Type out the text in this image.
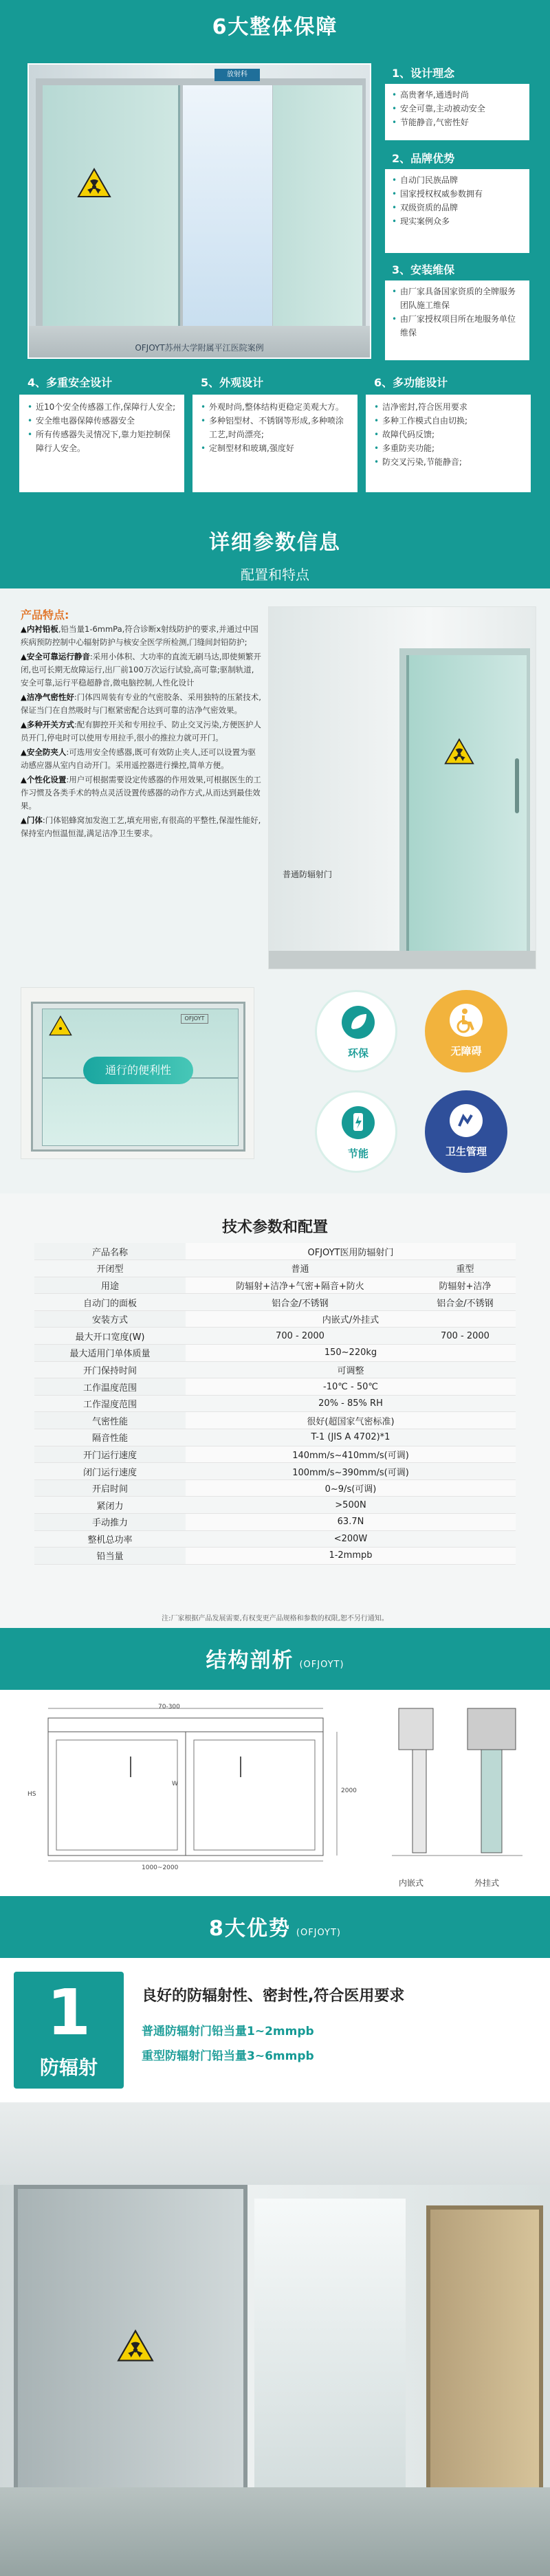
6大整体保障
放射科
OFJOYT苏州大学附属平江医院案例
1、设计理念
• 高贵奢华,通透时尚
• 安全可靠,主动被动安全
• 节能静音,气密性好
2、品牌优势
• 自动门民族品牌
• 国家授权权威参数拥有
• 双级资质的品牌
• 现实案例众多
3、安装维保
• 由厂家具备国家资质的全牌服务团队施工维保
• 由厂家授权项目所在地服务单位维保
4、多重安全设计
• 近10个安全传感器工作,保障行人安全;
• 安全维电器保障传感器安全
• 所有传感器失灵情况下,靠力矩控制保障行人安全。
5、外观设计
• 外观时尚,整体结构更稳定美观大方。
• 多种铝型材、不锈钢等形成,多种喷涂工艺,时尚漂亮;
• 定制型材和玻璃,强度好
6、多功能设计
• 洁净密封,符合医用要求
• 多种工作模式自由切换;
• 故障代码反馈;
• 多重防夹功能;
• 防交叉污染,节能静音;
详细参数信息
配置和特点
产品特点:

▲内衬铅板,铅当量1-6mmPa,符合诊断x射线防护的要求,并通过中国疾病预防控制中心辐射防护与核安全医学所检测,门缝间封铅防护;

▲安全可靠运行静音:采用小体积、大功率的直流无刷马达,即使频繁开闭,也可长期无故障运行,出厂前100万次运行试验,高可靠;驱制轨道,安全可靠,运行平稳超静音,微电脑控制,人性化设计

▲洁净气密性好:门体四周装有专业的气密胶条、采用独特的压紧技术,保证当门在自然吸时与门框紧密配合达到可靠的洁净气密效果。

▲多种开关方式:配有脚控开关和专用拉手、防止交叉污染,方便医护人员开门,停电时可以使用专用拉手,很小的推拉力就可开门。

▲安全防夹人:可选用安全传感器,既可有效防止夹人,还可以设置为驱动感应器从室内自动开门。采用遥控器进行操控,简单方便。

▲个性化设置:用户可根据需要设定传感器的作用效果,可根据医生的工作习惯及各类手术的特点灵活设置传感器的动作方式,从而达到最佳效果。

▲门体:门体铝蜂窝加发泡工艺,填充用密,有很高的平整性,保湿性能好,保持室内恒温恒湿,满足洁净卫生要求。

普通防辐射门
OFJOYT
通行的便利性
环保	无障碍
节能	卫生管理
技术参数和配置
产品名称	OFJOYT医用防辐射门	
开闭型	普通	重型
用途	防辐射+洁净+气密+隔音+防火	防辐射+洁净
自动门的面板	铝合金/不锈钢	铝合金/不锈钢
安装方式	内嵌式/外挂式	
最大开口宽度(W)	700 - 2000	700 - 2000
最大适用门单体质量	150~220kg	
开门保持时间	可调整	
工作温度范围	-10℃ - 50℃	
工作湿度范围	20% - 85% RH	
气密性能	很好(超国家气密标准)	
隔音性能	T-1 (JIS A 4702)*1	
开门运行速度	140mm/s~410mm/s(可调)	
闭门运行速度	100mm/s~390mm/s(可调)	
开启时间	0~9/s(可调)	
紧闭力	>500N	
手动推力	63.7N	
整机总功率	<200W	
铅当量	1-2mmpb	
注:厂家根据产品发展需要,有权变更产品规格和参数的权限,恕不另行通知。
结构剖析 (OFJOYT)
70-300
HS	2000
1000~2000
W
内嵌式	外挂式
8大优势 (OFJOYT)
1
防辐射
良好的防辐射性、密封性,符合医用要求
普通防辐射门铅当量1~2mmpb
重型防辐射门铅当量3~6mmpb
